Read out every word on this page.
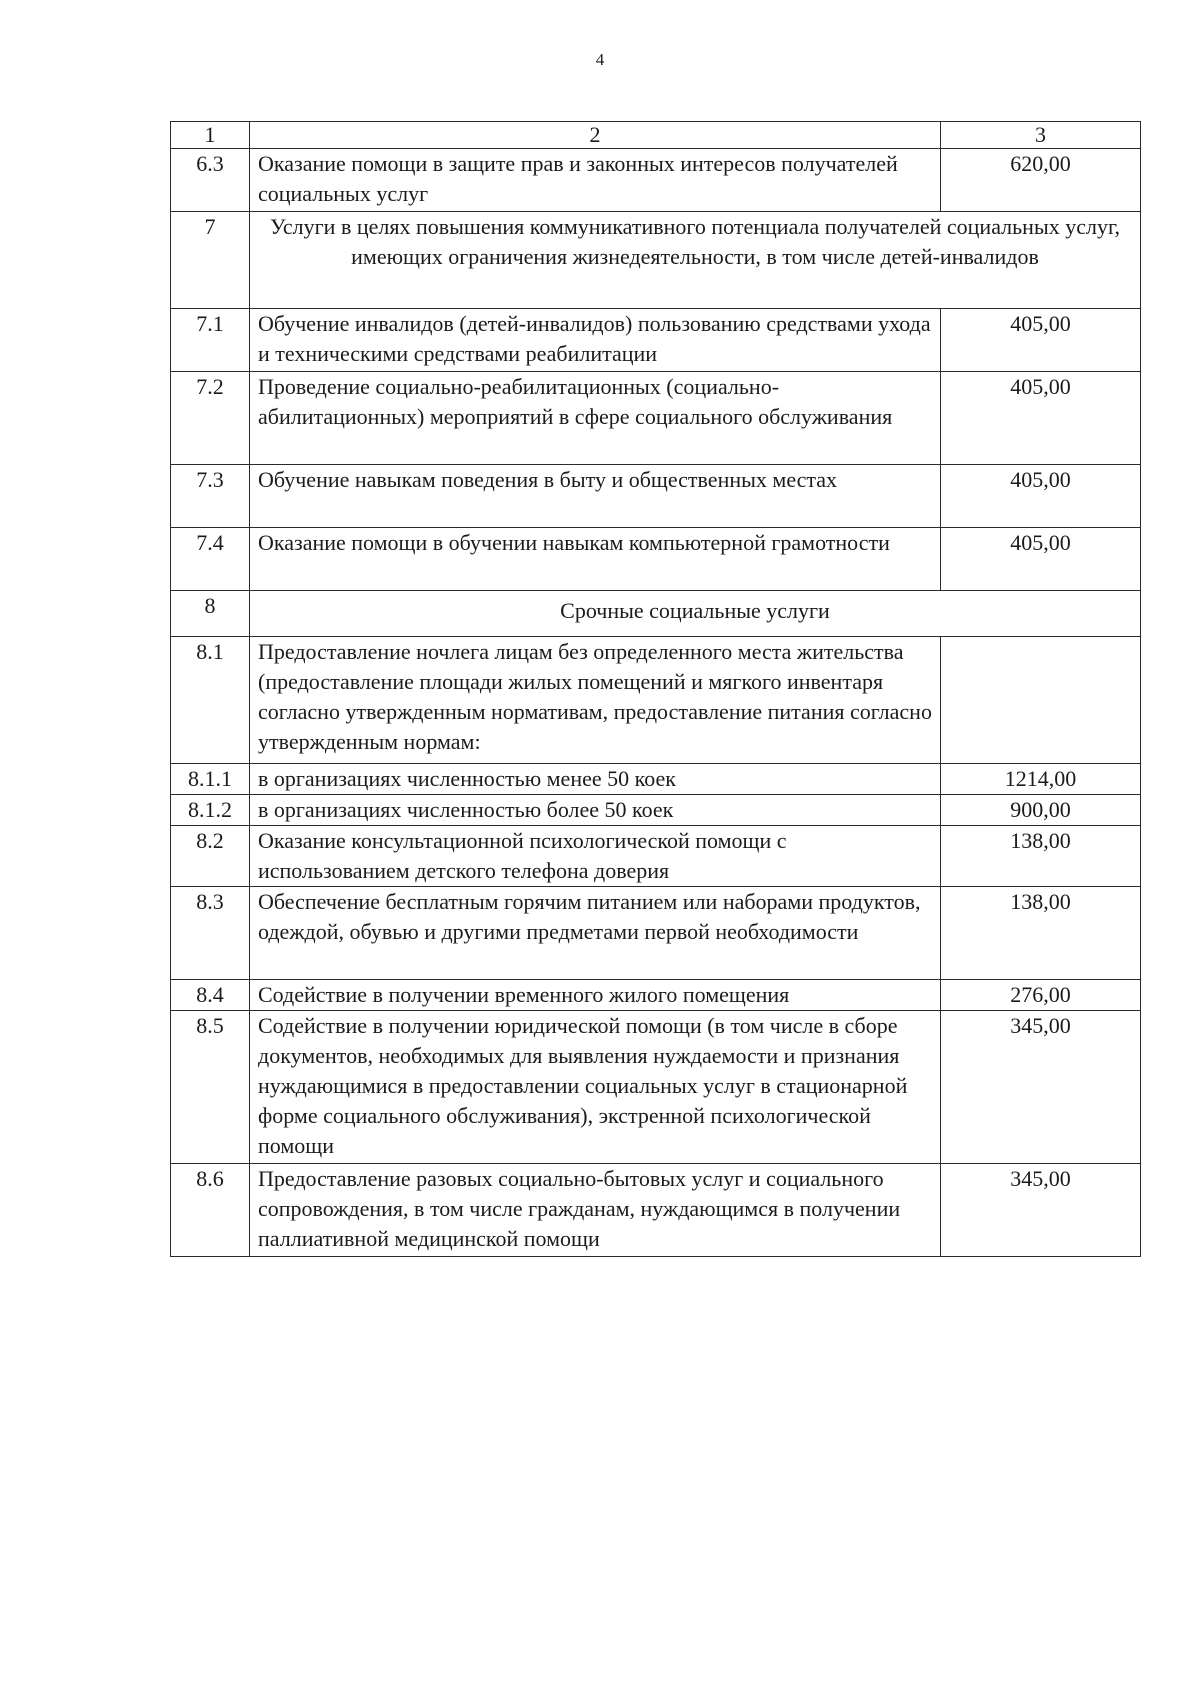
4
1	2	3
6.3	Оказание помощи в защите прав и законных интересов получателей социальных услуг	620,00
7	Услуги в целях повышения коммуникативного потенциала получателей социальных услуг, имеющих ограничения жизнедеятельности, в том числе детей-инвалидов	
7.1	Обучение инвалидов (детей-инвалидов) пользованию средствами ухода и техническими средствами реабилитации	405,00
7.2	Проведение социально-реабилитационных (социально-абилитационных) мероприятий в сфере социального обслуживания	405,00
7.3	Обучение навыкам поведения в быту и общественных местах	405,00
7.4	Оказание помощи в обучении навыкам компьютерной грамотности	405,00
8	Срочные социальные услуги	
8.1	Предоставление ночлега лицам без определенного места жительства (предоставление площади жилых помещений и мягкого инвентаря согласно утвержденным нормативам, предоставление питания согласно утвержденным нормам:	
8.1.1	в организациях численностью менее 50 коек	1214,00
8.1.2	в организациях численностью более 50 коек	900,00
8.2	Оказание консультационной психологической помощи с использованием детского телефона доверия	138,00
8.3	Обеспечение бесплатным горячим питанием или наборами продуктов, одеждой, обувью и другими предметами первой необходимости	138,00
8.4	Содействие в получении временного жилого помещения	276,00
8.5	Содействие в получении юридической помощи (в том числе в сборе документов, необходимых для выявления нуждаемости и признания нуждающимися в предоставлении социальных услуг в стационарной форме социального обслуживания), экстренной психологической помощи	345,00
8.6	Предоставление разовых социально-бытовых услуг и социального сопровождения, в том числе гражданам, нуждающимся в получении паллиативной медицинской помощи	345,00
